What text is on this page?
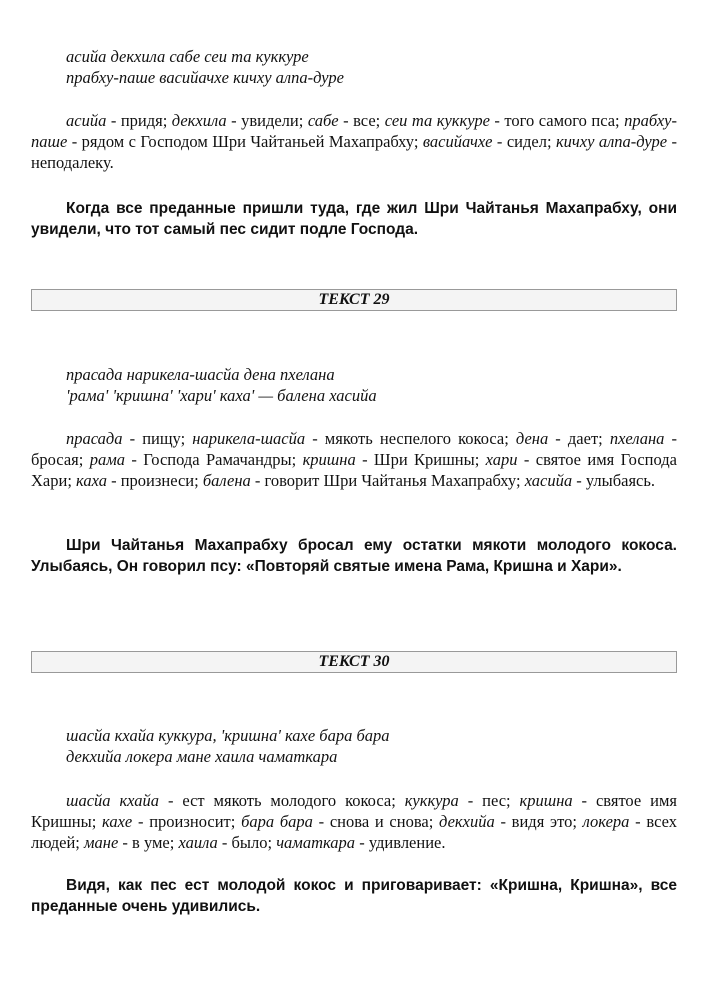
асийа декхила сабе сеи та куккуре
прабху-паше васийачхе кичху алпа-дуре
асийа - придя; декхила - увидели; сабе - все; сеи та куккуре - того самого пса; прабху-паше - рядом с Господом Шри Чайтаньей Махапрабху; васийачхе - сидел; кичху алпа-дуре - неподалеку.
Когда все преданные пришли туда, где жил Шри Чайтанья Махапрабху, они увидели, что тот самый пес сидит подле Господа.
ТЕКСТ 29
прасада нарикела-шасйа дена пхелана
'рама' 'кришна' 'хари' каха' — балена хасийа
прасада - пищу; нарикела-шасйа - мякоть неспелого кокоса; дена - дает; пхелана - бросая; рама - Господа Рамачандры; кришна - Шри Кришны; хари - святое имя Господа Хари; каха - произнеси; балена - говорит Шри Чайтанья Махапрабху; хасийа - улыбаясь.
Шри Чайтанья Махапрабху бросал ему остатки мякоти молодого кокоса. Улыбаясь, Он говорил псу: «Повторяй святые имена Рама, Кришна и Хари».
ТЕКСТ 30
шасйа кхайа куккура, 'кришна' кахе бара бара
декхийа локера мане хаила чаматкара
шасйа кхайа - ест мякоть молодого кокоса; куккура - пес; кришна - святое имя Кришны; кахе - произносит; бара бара - снова и снова; декхийа - видя это; локера - всех людей; мане - в уме; хаила - было; чаматкара - удивление.
Видя, как пес ест молодой кокос и приговаривает: «Кришна, Кришна», все преданные очень удивились.
